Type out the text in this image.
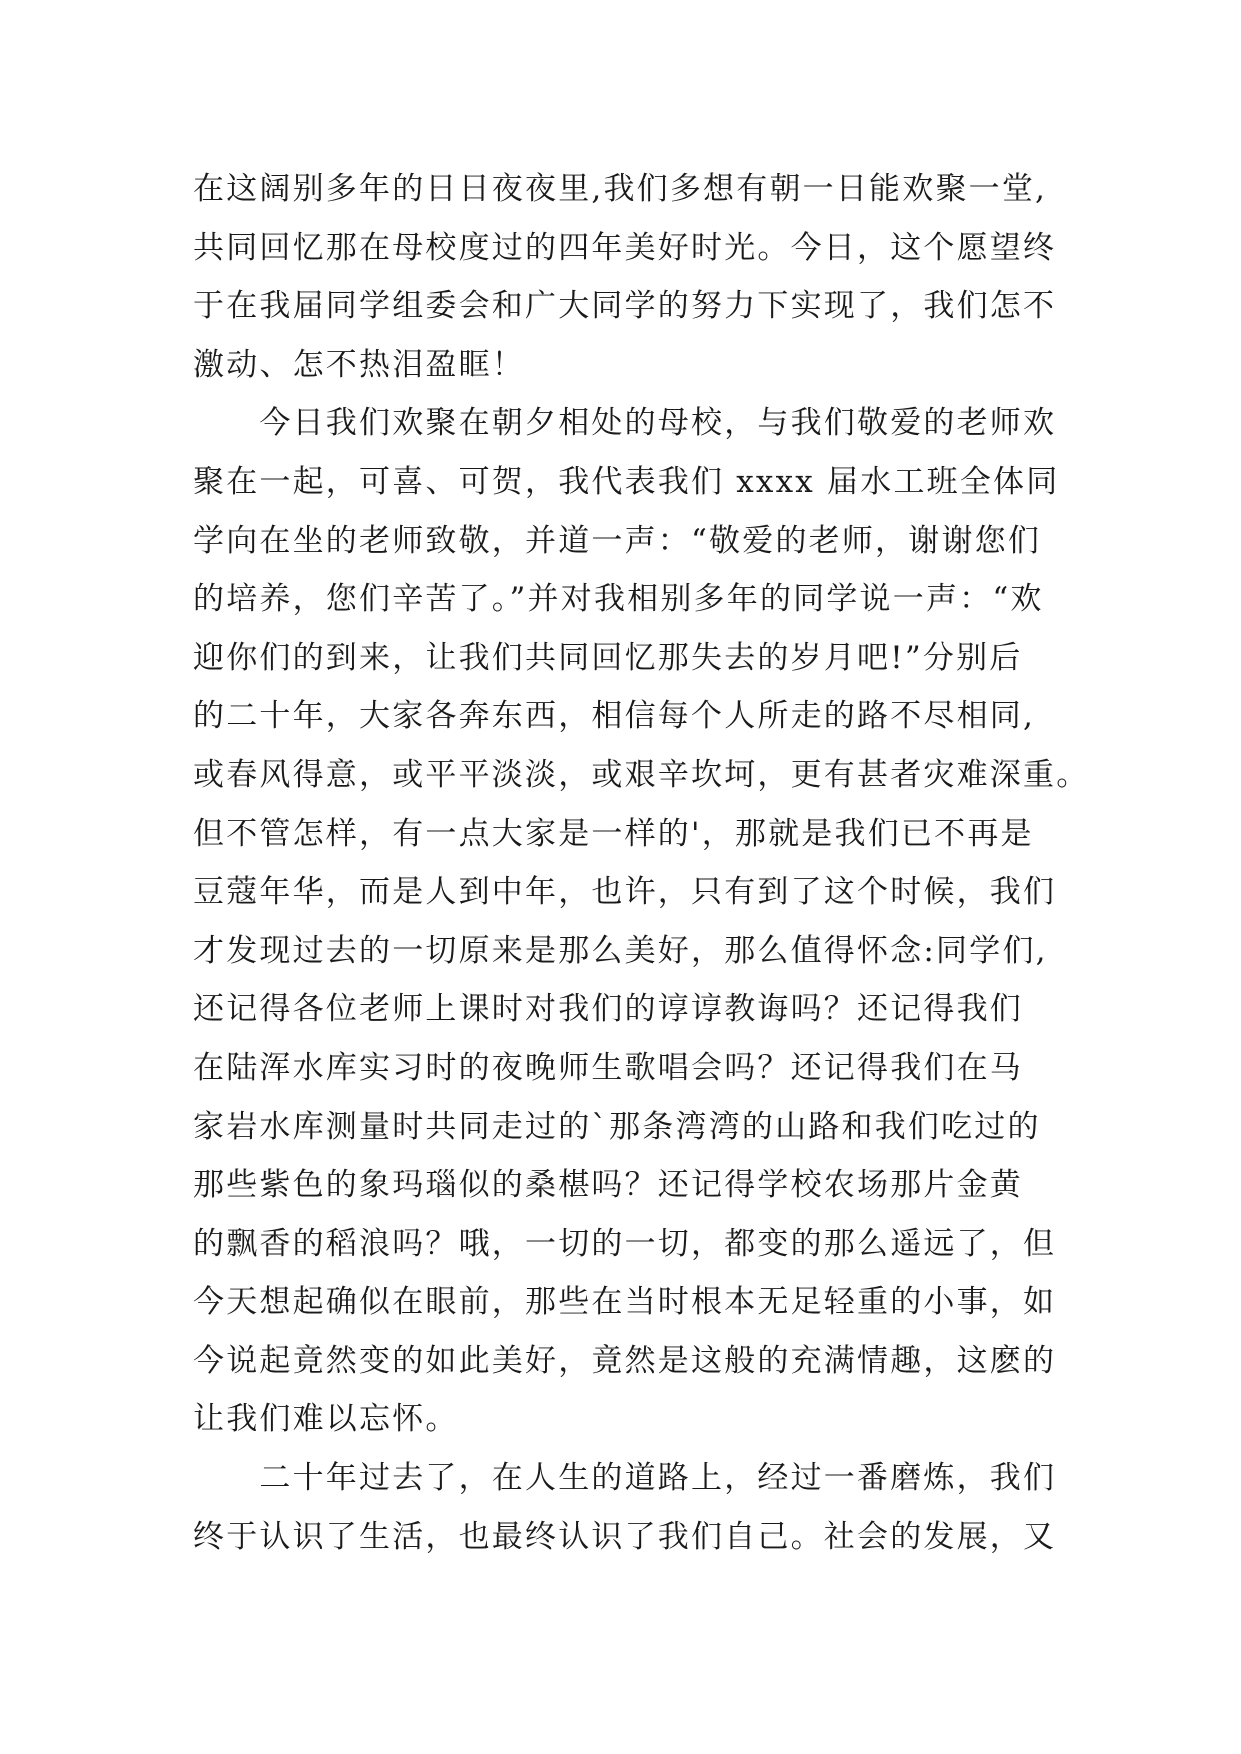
在这阔别多年的日日夜夜里,我们多想有朝一日能欢聚一堂,
共同回忆那在母校度过的四年美好时光。今日，这个愿望终
于在我届同学组委会和广大同学的努力下实现了，我们怎不
激动、怎不热泪盈眶！
　　今日我们欢聚在朝夕相处的母校，与我们敬爱的老师欢
聚在一起，可喜、可贺，我代表我们 xxxx 届水工班全体同
学向在坐的老师致敬，并道一声：“敬爱的老师，谢谢您们
的培养，您们辛苦了。”并对我相别多年的同学说一声：“欢
迎你们的到来，让我们共同回忆那失去的岁月吧!”分别后
的二十年，大家各奔东西，相信每个人所走的路不尽相同,
或春风得意，或平平淡淡，或艰辛坎坷，更有甚者灾难深重。
但不管怎样，有一点大家是一样的'，那就是我们已不再是
豆蔻年华，而是人到中年，也许，只有到了这个时候，我们
才发现过去的一切原来是那么美好，那么值得怀念:同学们,
还记得各位老师上课时对我们的谆谆教诲吗？还记得我们
在陆浑水库实习时的夜晚师生歌唱会吗？还记得我们在马
家岩水库测量时共同走过的`那条湾湾的山路和我们吃过的
那些紫色的象玛瑙似的桑椹吗？还记得学校农场那片金黄
的飘香的稻浪吗？哦，一切的一切，都变的那么遥远了，但
今天想起确似在眼前，那些在当时根本无足轻重的小事，如
今说起竟然变的如此美好，竟然是这般的充满情趣，这麽的
让我们难以忘怀。
　　二十年过去了，在人生的道路上，经过一番磨炼，我们
终于认识了生活，也最终认识了我们自己。社会的发展，又
